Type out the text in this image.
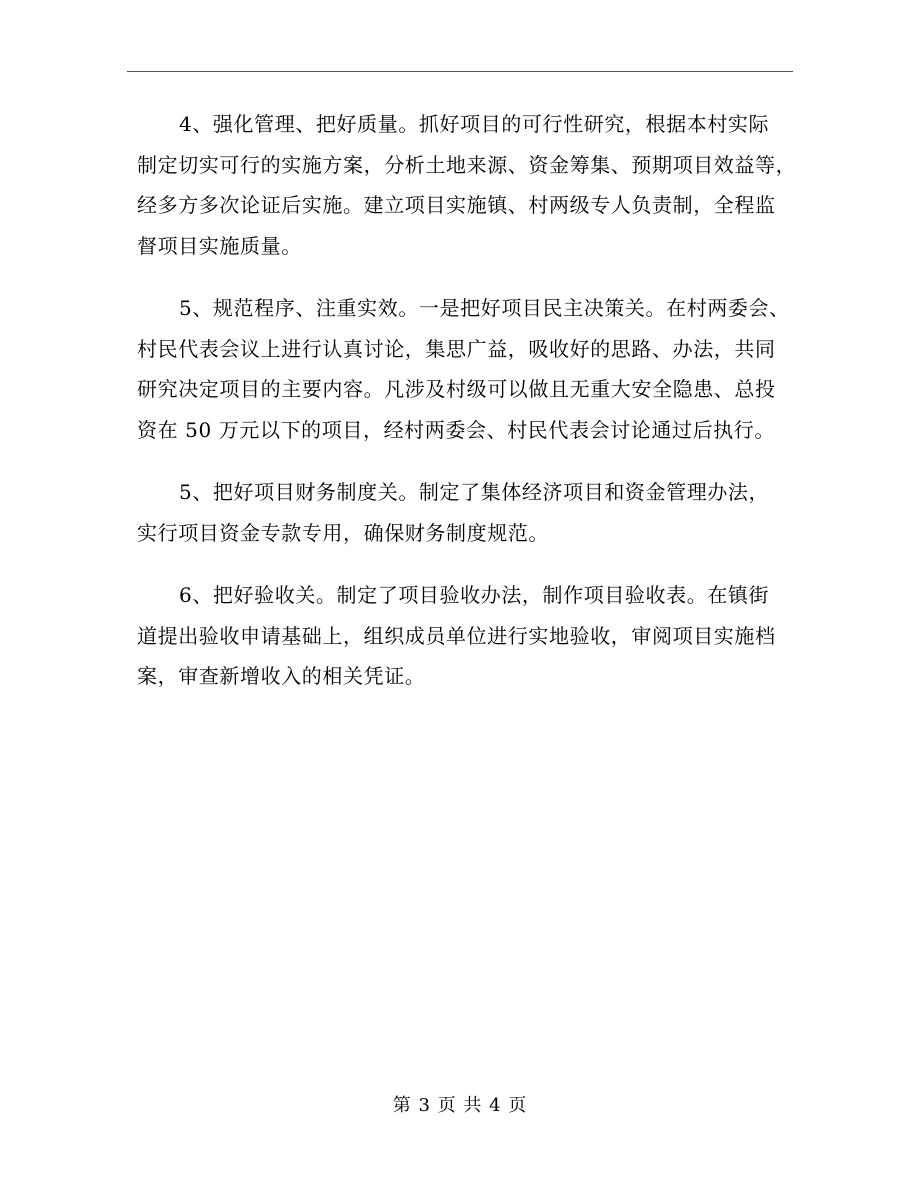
4、强化管理、把好质量。抓好项目的可行性研究，根据本村实际
制定切实可行的实施方案，分析土地来源、资金筹集、预期项目效益等，
经多方多次论证后实施。建立项目实施镇、村两级专人负责制，全程监
督项目实施质量。

5、规范程序、注重实效。一是把好项目民主决策关。在村两委会、
村民代表会议上进行认真讨论，集思广益，吸收好的思路、办法，共同
研究决定项目的主要内容。凡涉及村级可以做且无重大安全隐患、总投
资在 50 万元以下的项目，经村两委会、村民代表会讨论通过后执行。

5、把好项目财务制度关。制定了集体经济项目和资金管理办法，
实行项目资金专款专用，确保财务制度规范。

6、把好验收关。制定了项目验收办法，制作项目验收表。在镇街
道提出验收申请基础上，组织成员单位进行实地验收，审阅项目实施档
案，审查新增收入的相关凭证。

第 3 页 共 4 页
